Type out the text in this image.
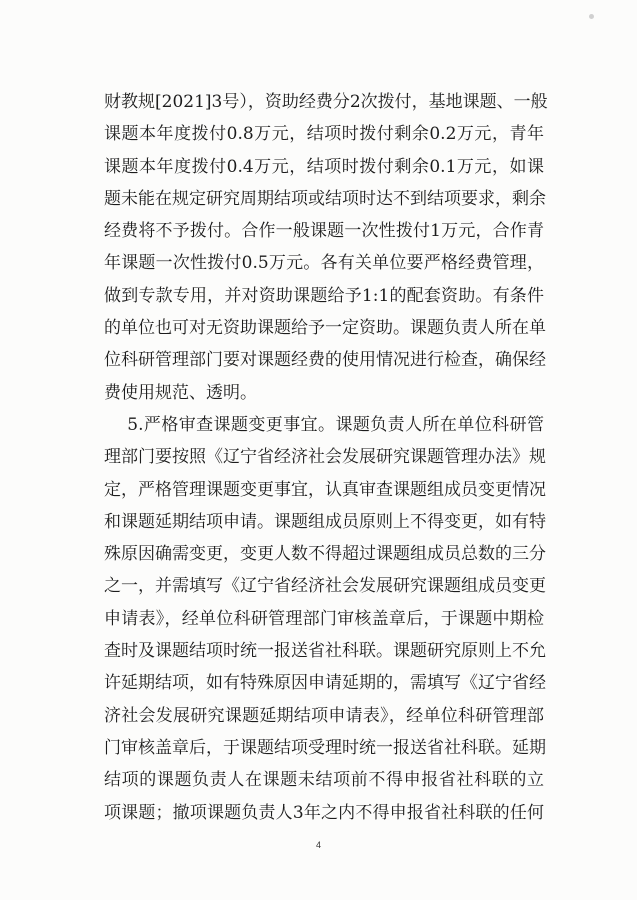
财教规[2021]3号），资助经费分2次拨付，基地课题、一般
课题本年度拨付0.8万元，结项时拨付剩余0.2万元，青年
课题本年度拨付0.4万元，结项时拨付剩余0.1万元，如课
题未能在规定研究周期结项或结项时达不到结项要求，剩余
经费将不予拨付。合作一般课题一次性拨付1万元，合作青
年课题一次性拨付0.5万元。各有关单位要严格经费管理，
做到专款专用，并对资助课题给予1:1的配套资助。有条件
的单位也可对无资助课题给予一定资助。课题负责人所在单
位科研管理部门要对课题经费的使用情况进行检查，确保经
费使用规范、透明。
5.严格审查课题变更事宜。课题负责人所在单位科研管
理部门要按照《辽宁省经济社会发展研究课题管理办法》规
定，严格管理课题变更事宜，认真审查课题组成员变更情况
和课题延期结项申请。课题组成员原则上不得变更，如有特
殊原因确需变更，变更人数不得超过课题组成员总数的三分
之一，并需填写《辽宁省经济社会发展研究课题组成员变更
申请表》，经单位科研管理部门审核盖章后，于课题中期检
查时及课题结项时统一报送省社科联。课题研究原则上不允
许延期结项，如有特殊原因申请延期的，需填写《辽宁省经
济社会发展研究课题延期结项申请表》，经单位科研管理部
门审核盖章后，于课题结项受理时统一报送省社科联。延期
结项的课题负责人在课题未结项前不得申报省社科联的立
项课题；撤项课题负责人3年之内不得申报省社科联的任何
4
